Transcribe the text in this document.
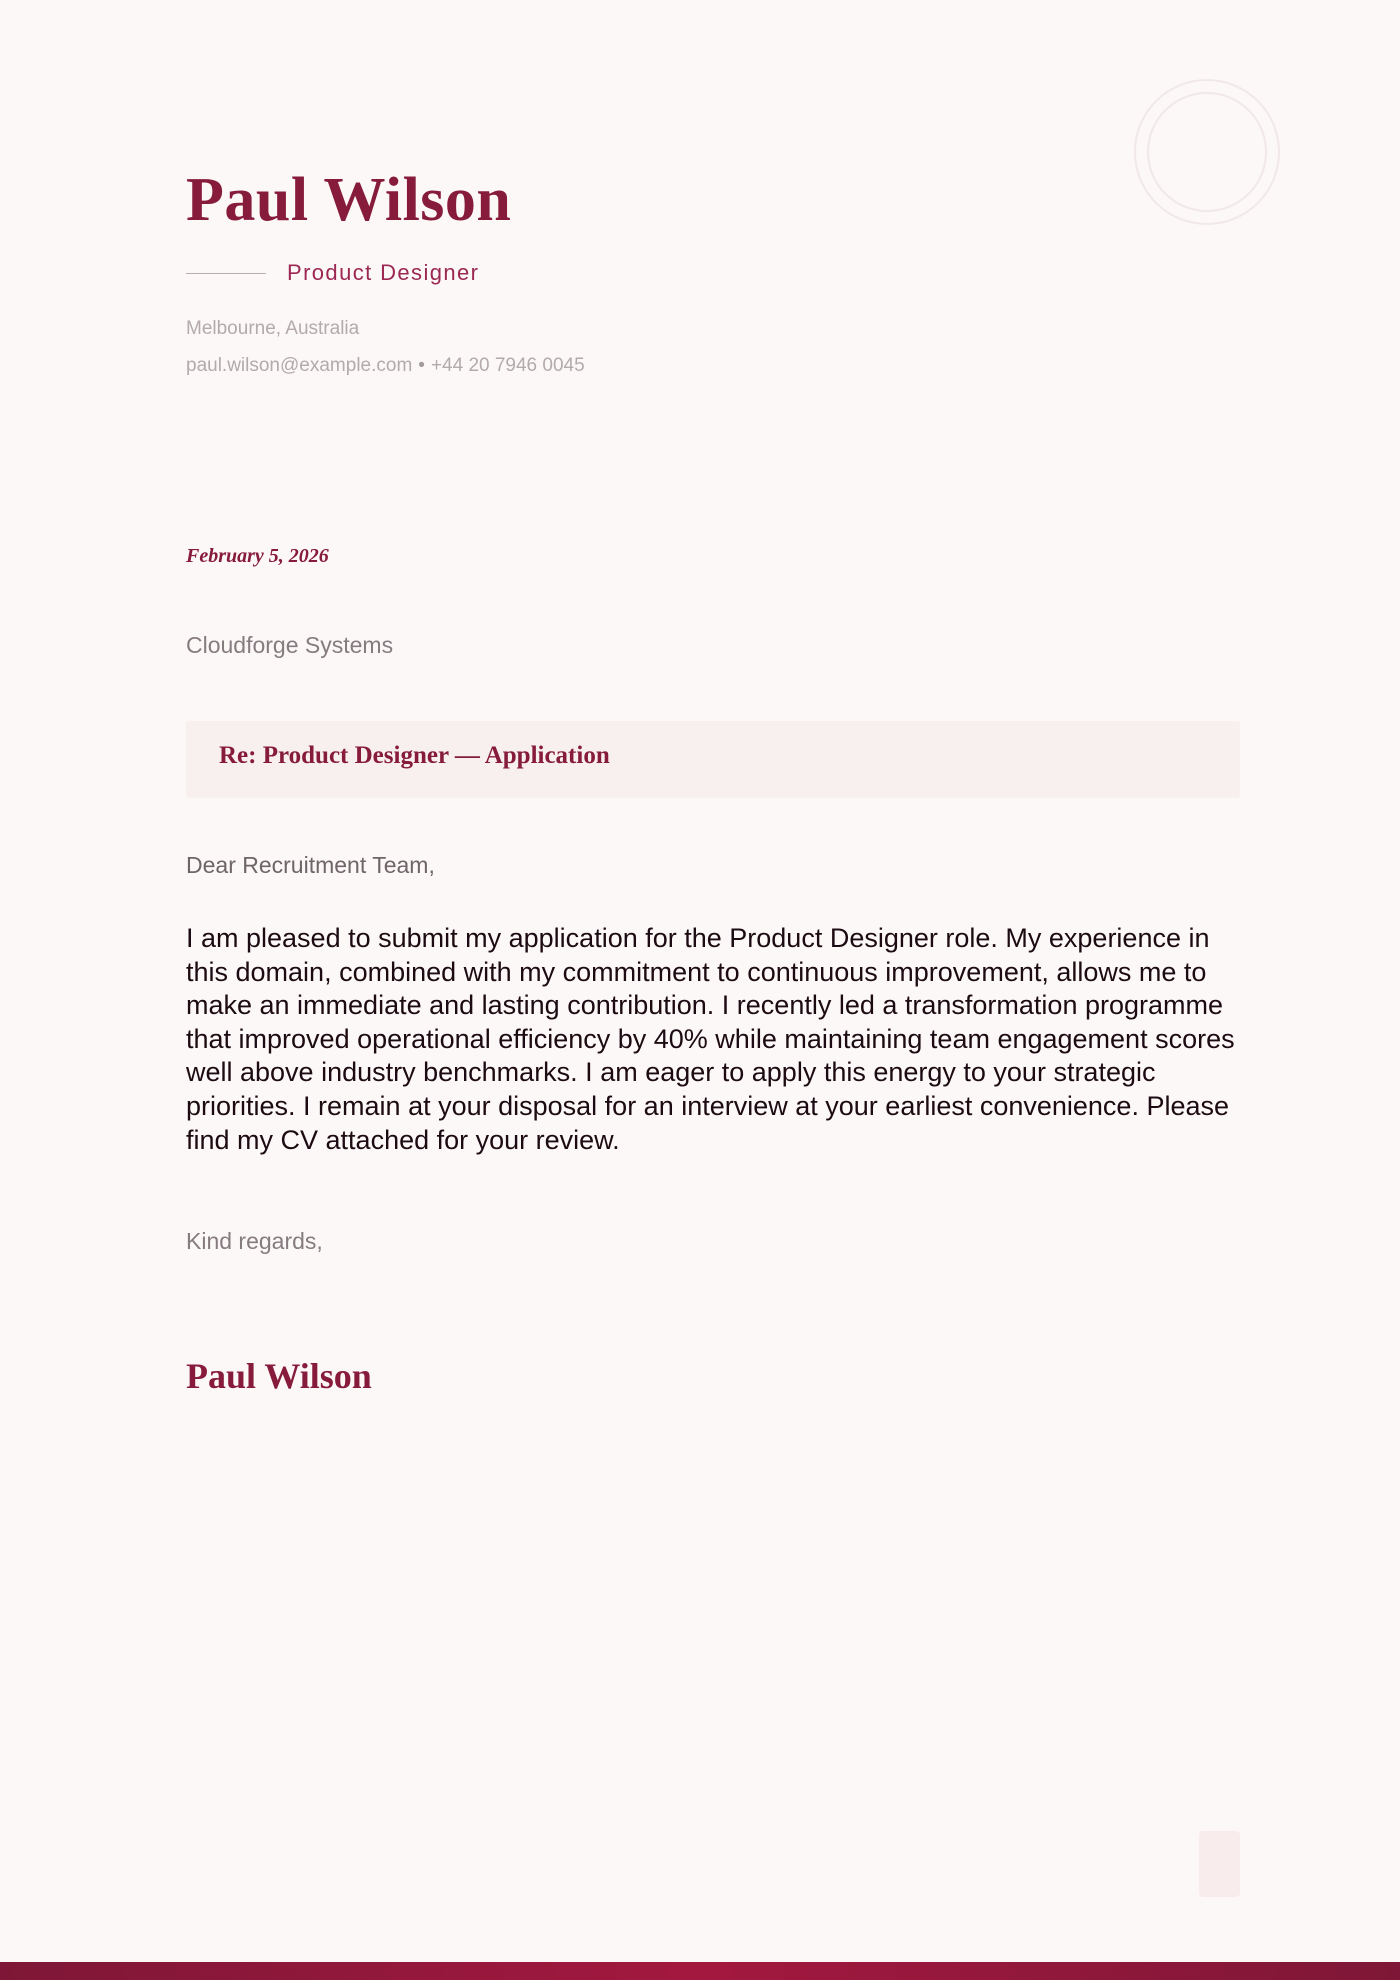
Paul Wilson
Product Designer
Melbourne, Australia
paul.wilson@example.com • +44 20 7946 0045
February 5, 2026
Cloudforge Systems
Re: Product Designer — Application
Dear Recruitment Team,

I am pleased to submit my application for the Product Designer role. My experience in this domain, combined with my commitment to continuous improvement, allows me to make an immediate and lasting contribution. I recently led a transformation programme that improved operational efficiency by 40% while maintaining team engagement scores well above industry benchmarks. I am eager to apply this energy to your strategic priorities. I remain at your disposal for an interview at your earliest convenience. Please find my CV attached for your review.

Kind regards,
Paul Wilson
